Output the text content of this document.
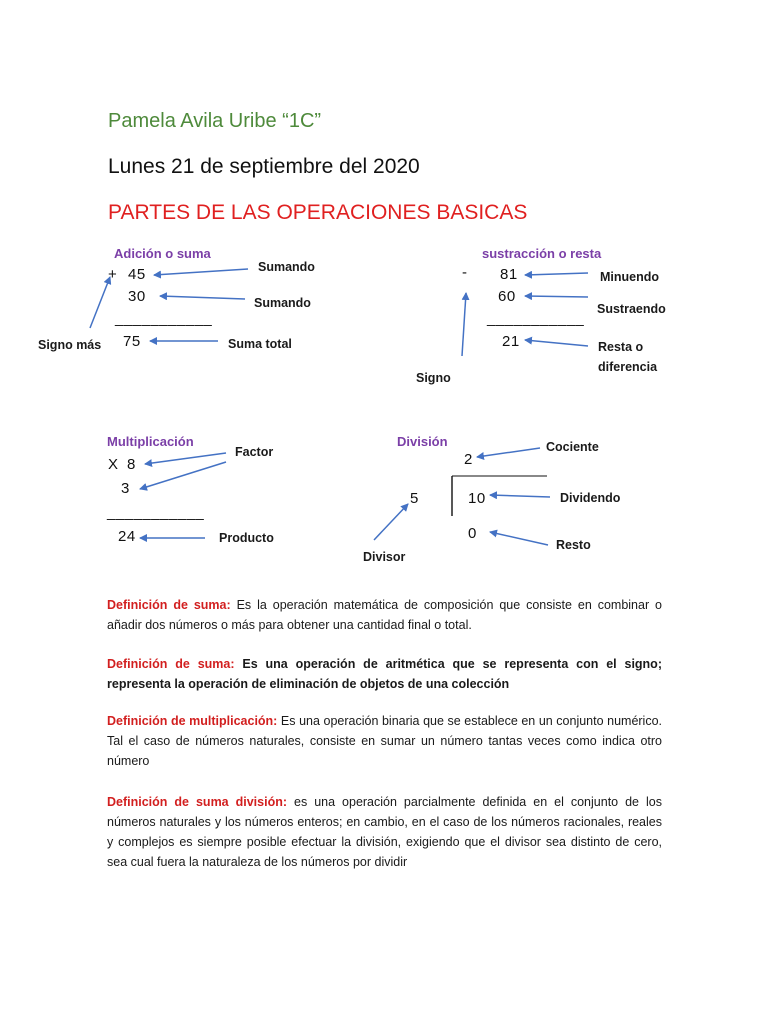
Pamela Avila Uribe “1C”
Lunes 21 de septiembre del 2020
PARTES DE LAS OPERACIONES BASICAS
Adición o suma
+ 45
30
___________
75
Sumando
Sumando
Suma total
Signo más
sustracción o resta
- 81
60
___________
21
Minuendo
Sustraendo
Resta o diferencia
Signo
Multiplicación
X 8
3
___________
24
Factor
Producto
División
2
5	10
0
Cociente
Dividendo
Resto
Divisor
Definición de suma: Es la operación matemática de composición que consiste en combinar o añadir dos números o más para obtener una cantidad final o total.
Definición de suma: Es una operación de aritmética que se representa con el signo; representa la operación de eliminación de objetos de una colección
Definición de multiplicación: Es una operación binaria que se establece en un conjunto numérico. Tal el caso de números naturales, consiste en sumar un número tantas veces como indica otro número
Definición de suma división: es una operación parcialmente definida en el conjunto de los números naturales y los números enteros; en cambio, en el caso de los números racionales, reales y complejos es siempre posible efectuar la división, exigiendo que el divisor sea distinto de cero, sea cual fuera la naturaleza de los números por dividir
